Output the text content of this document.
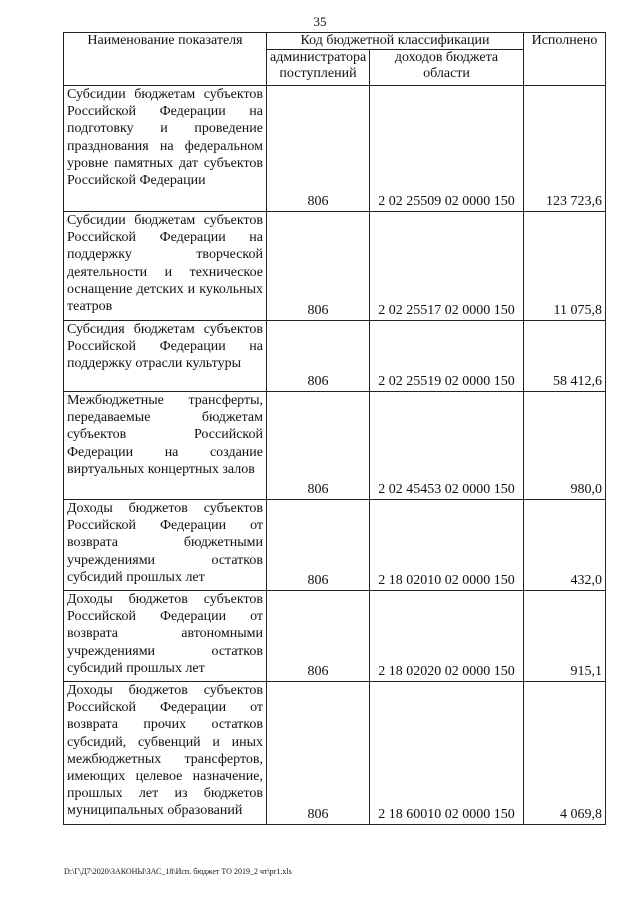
35
Наименование показателя	Код бюджетной классификации		Исполнено
	администратора поступлений	доходов бюджета области	
Субсидии бюджетам субъектов Российской Федерации на подготовку и проведение празднования на федеральном уровне памятных дат субъектов Российской Федерации	806	2 02 25509 02 0000 150	123 723,6
Субсидии бюджетам субъектов Российской Федерации на поддержку творческой деятельности и техническое оснащение детских и кукольных театров	806	2 02 25517 02 0000 150	11 075,8
Субсидия бюджетам субъектов Российской Федерации на поддержку отрасли культуры	806	2 02 25519 02 0000 150	58 412,6
Межбюджетные трансферты, передаваемые бюджетам субъектов Российской Федерации на создание виртуальных концертных залов	806	2 02 45453 02 0000 150	980,0
Доходы бюджетов субъектов Российской Федерации от возврата бюджетными учреждениями остатков субсидий прошлых лет	806	2 18 02010 02 0000 150	432,0
Доходы бюджетов субъектов Российской Федерации от возврата автономными учреждениями остатков субсидий прошлых лет	806	2 18 02020 02 0000 150	915,1
Доходы бюджетов субъектов Российской Федерации от возврата прочих остатков субсидий, субвенций и иных межбюджетных трансфертов, имеющих целевое назначение, прошлых лет из бюджетов муниципальных образований	806	2 18 60010 02 0000 150	4 069,8
D:\Г\Д7\2020\ЗАКОНЫ\ЗАС_18\Исп. бюджет ТО 2019_2 чт\pr1.xls
